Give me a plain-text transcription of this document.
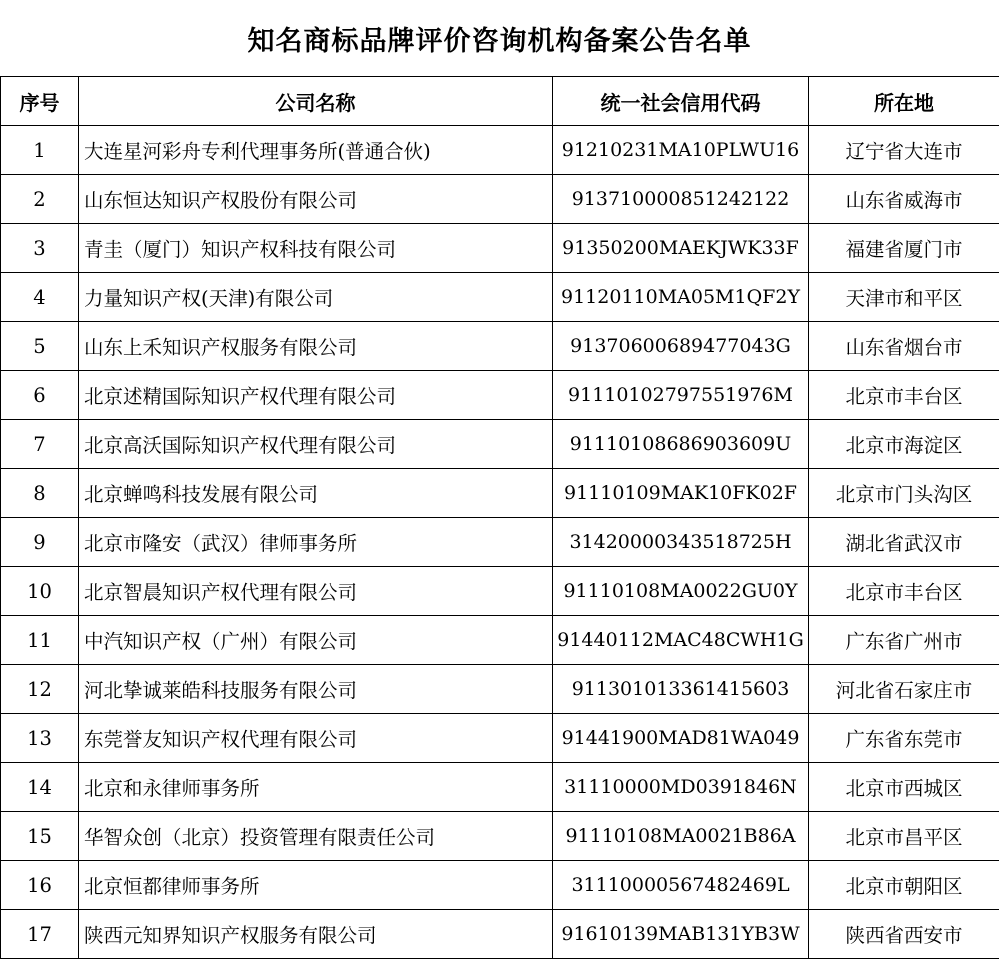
知名商标品牌评价咨询机构备案公告名单
序号	公司名称	统一社会信用代码	所在地
1	大连星河彩舟专利代理事务所(普通合伙)	91210231MA10PLWU16	辽宁省大连市
2	山东恒达知识产权股份有限公司	913710000851242122	山东省威海市
3	青圭（厦门）知识产权科技有限公司	91350200MAEKJWK33F	福建省厦门市
4	力量知识产权(天津)有限公司	91120110MA05M1QF2Y	天津市和平区
5	山东上禾知识产权服务有限公司	91370600689477043G	山东省烟台市
6	北京述精国际知识产权代理有限公司	91110102797551976M	北京市丰台区
7	北京高沃国际知识产权代理有限公司	91110108686903609U	北京市海淀区
8	北京蝉鸣科技发展有限公司	91110109MAK10FK02F	北京市门头沟区
9	北京市隆安（武汉）律师事务所	31420000343518725H	湖北省武汉市
10	北京智晨知识产权代理有限公司	91110108MA0022GU0Y	北京市丰台区
11	中汽知识产权（广州）有限公司	91440112MAC48CWH1G	广东省广州市
12	河北挚诚莱皓科技服务有限公司	911301013361415603	河北省石家庄市
13	东莞誉友知识产权代理有限公司	91441900MAD81WA049	广东省东莞市
14	北京和永律师事务所	31110000MD0391846N	北京市西城区
15	华智众创（北京）投资管理有限责任公司	91110108MA0021B86A	北京市昌平区
16	北京恒都律师事务所	31110000567482469L	北京市朝阳区
17	陕西元知界知识产权服务有限公司	91610139MAB131YB3W	陕西省西安市
